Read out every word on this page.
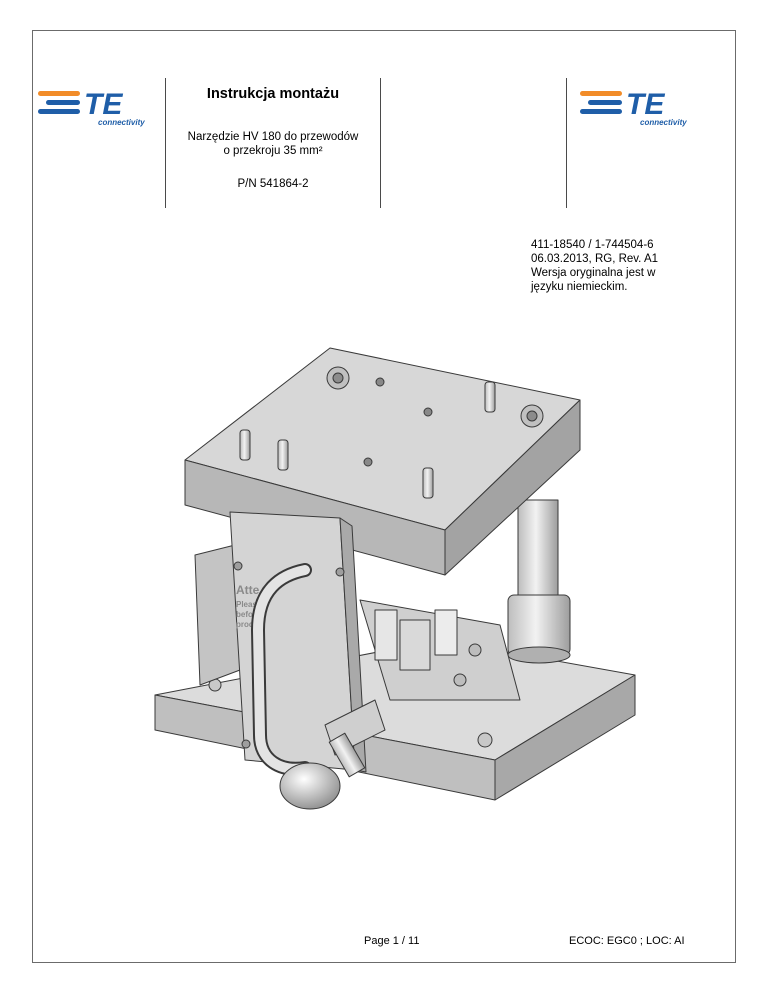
TE
connectivity
TE
connectivity
Instrukcja montażu
Narzędzie HV 180 do przewodów
o przekroju 35 mm²
P/N 541864-2
411-18540 / 1-744504-6
06.03.2013, RG, Rev. A1
Wersja oryginalna jest w
języku niemieckim.
Atte
Pleas
befo
prod
Page 1 / 11	ECOC: EGC0 ; LOC: AI
